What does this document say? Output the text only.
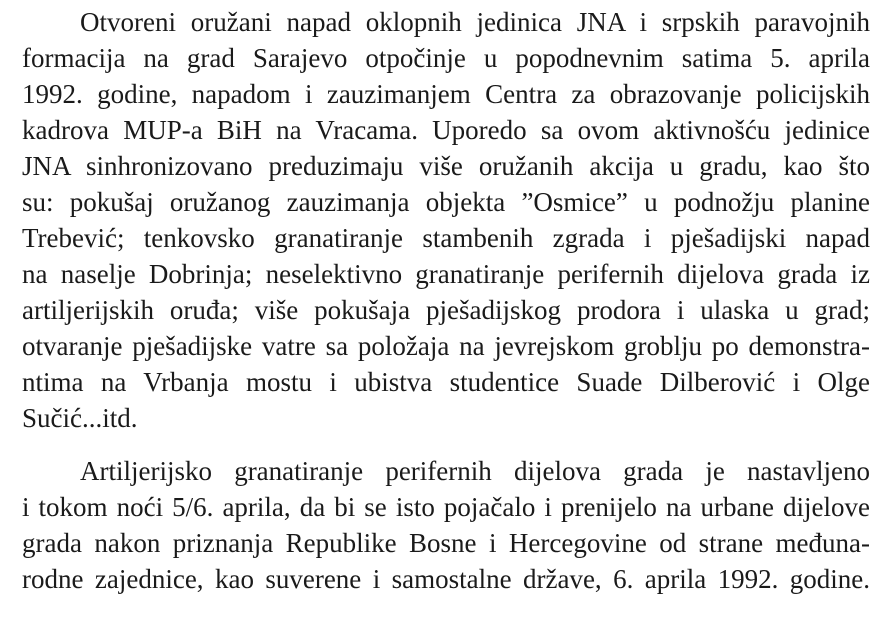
Otvoreni oružani napad oklopnih jedinica JNA i srpskih paravojnih
formacija na grad Sarajevo otpočinje u popodnevnim satima 5. aprila
1992. godine, napadom i zauzimanjem Centra za obrazovanje policijskih
kadrova MUP-a BiH na Vracama. Uporedo sa ovom aktivnošću jedinice
JNA sinhronizovano preduzimaju više oružanih akcija u gradu, kao što
su: pokušaj oružanog zauzimanja objekta ”Osmice” u podnožju planine
Trebević; tenkovsko granatiranje stambenih zgrada i pješadijski napad
na naselje Dobrinja; neselektivno granatiranje perifernih dijelova grada iz
artiljerijskih oruđa; više pokušaja pješadijskog prodora i ulaska u grad;
otvaranje pješadijske vatre sa položaja na jevrejskom groblju po demonstra-
ntima na Vrbanja mostu i ubistva studentice Suade Dilberović i Olge
Sučić...itd.
Artiljerijsko granatiranje perifernih dijelova grada je nastavljeno
i tokom noći 5/6. aprila, da bi se isto pojačalo i prenijelo na urbane dijelove
grada nakon priznanja Republike Bosne i Hercegovine od strane međuna-
rodne zajednice, kao suverene i samostalne države, 6. aprila 1992. godine.
